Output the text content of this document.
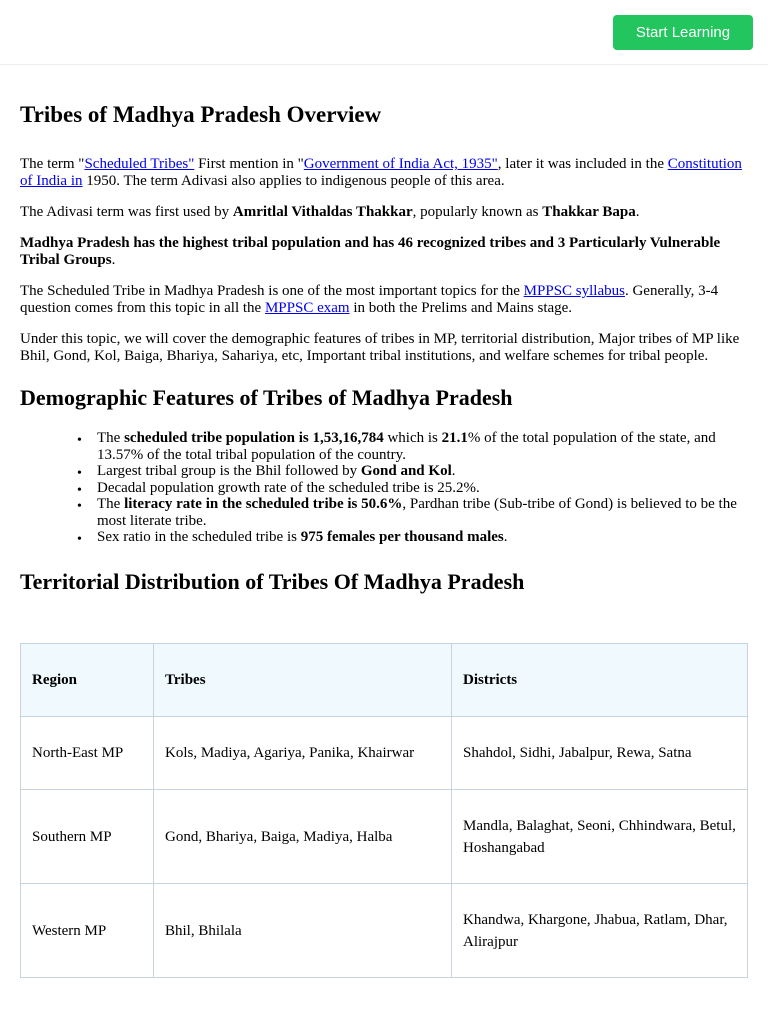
Start Learning
Tribes of Madhya Pradesh Overview

The term "Scheduled Tribes" First mention in "Government of India Act, 1935", later it was included in the Constitution of India in 1950. The term Adivasi also applies to indigenous people of this area.

The Adivasi term was first used by Amritlal Vithaldas Thakkar, popularly known as Thakkar Bapa.

Madhya Pradesh has the highest tribal population and has 46 recognized tribes and 3 Particularly Vulnerable Tribal Groups.

The Scheduled Tribe in Madhya Pradesh is one of the most important topics for the MPPSC syllabus. Generally, 3-4 question comes from this topic in all the MPPSC exam in both the Prelims and Mains stage.

Under this topic, we will cover the demographic features of tribes in MP, territorial distribution, Major tribes of MP like Bhil, Gond, Kol, Baiga, Bhariya, Sahariya, etc, Important tribal institutions, and welfare schemes for tribal people.

Demographic Features of Tribes of Madhya Pradesh
• The scheduled tribe population is 1,53,16,784 which is 21.1% of the total population of the state, and 13.57% of the total tribal population of the country.
• Largest tribal group is the Bhil followed by Gond and Kol.
• Decadal population growth rate of the scheduled tribe is 25.2%.
• The literacy rate in the scheduled tribe is 50.6%, Pardhan tribe (Sub-tribe of Gond) is believed to be the most literate tribe.
• Sex ratio in the scheduled tribe is 975 females per thousand males.
Territorial Distribution of Tribes Of Madhya Pradesh
Region	Tribes	Districts
North-East MP	Kols, Madiya, Agariya, Panika, Khairwar	Shahdol, Sidhi, Jabalpur, Rewa, Satna
Southern MP	Gond, Bhariya, Baiga, Madiya, Halba	Mandla, Balaghat, Seoni, Chhindwara, Betul, Hoshangabad
Western MP	Bhil, Bhilala	Khandwa, Khargone, Jhabua, Ratlam, Dhar, Alirajpur
